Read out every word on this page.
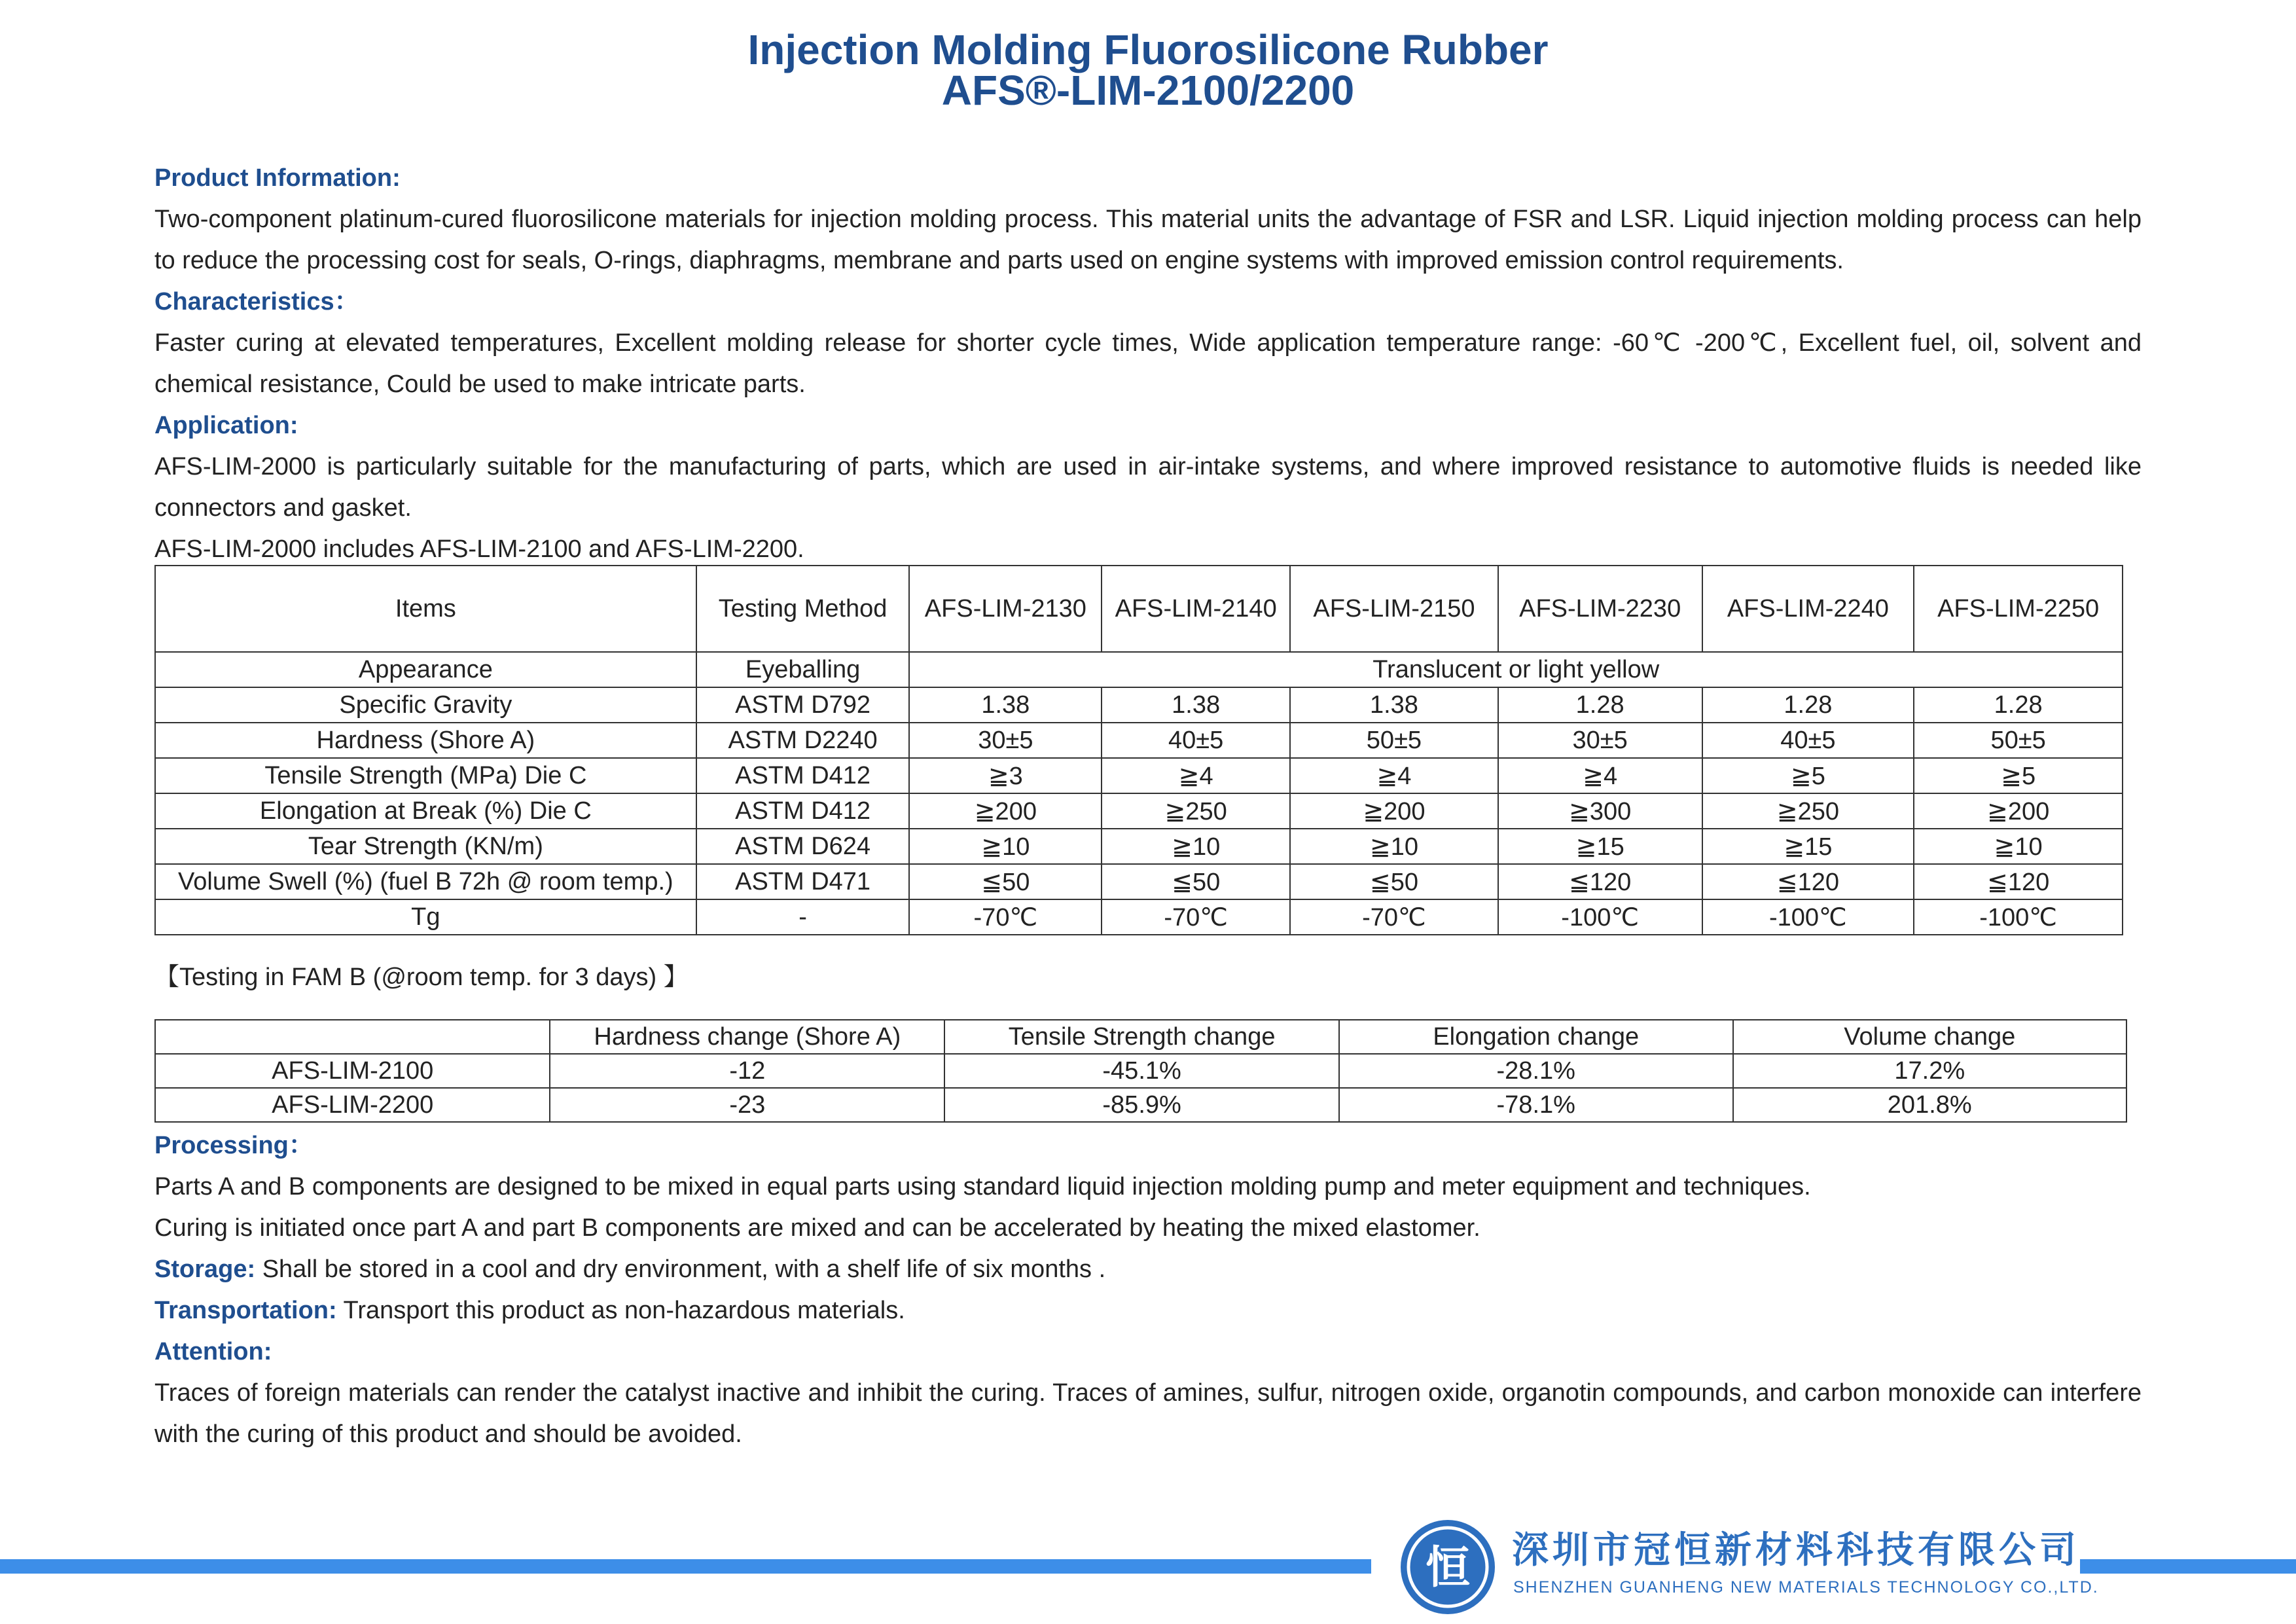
Injection Molding Fluorosilicone Rubber
AFS®-LIM-2100/2200
Product Information:
Two-component platinum-cured fluorosilicone materials for injection molding process. This material units the advantage of FSR and LSR. Liquid injection molding process can help to reduce the processing cost for seals, O-rings, diaphragms, membrane and parts used on engine systems with improved emission control requirements.
Characteristics：
Faster curing at elevated temperatures, Excellent molding release for shorter cycle times, Wide application temperature range: -60℃ -200℃, Excellent fuel, oil, solvent and chemical resistance, Could be used to make intricate parts.
Application:
AFS-LIM-2000 is particularly suitable for the manufacturing of parts, which are used in air-intake systems, and where improved resistance to automotive fluids is needed like connectors and gasket.
AFS-LIM-2000 includes AFS-LIM-2100 and AFS-LIM-2200.
Items	Testing Method	AFS-LIM-2130	AFS-LIM-2140	AFS-LIM-2150	AFS-LIM-2230	AFS-LIM-2240	AFS-LIM-2250
Appearance	Eyeballing	Translucent or light yellow					
Specific Gravity	ASTM D792	1.38	1.38	1.38	1.28	1.28	1.28
Hardness (Shore A)	ASTM D2240	30±5	40±5	50±5	30±5	40±5	50±5
Tensile Strength (MPa) Die C	ASTM D412	≧3	≧4	≧4	≧4	≧5	≧5
Elongation at Break (%) Die C	ASTM D412	≧200	≧250	≧200	≧300	≧250	≧200
Tear Strength (KN/m)	ASTM D624	≧10	≧10	≧10	≧15	≧15	≧10
Volume Swell (%) (fuel B 72h @ room temp.)	ASTM D471	≦50	≦50	≦50	≦120	≦120	≦120
Tg	-	-70℃	-70℃	-70℃	-100℃	-100℃	-100℃
【Testing in FAM B (@room temp. for 3 days) 】
	Hardness change (Shore A)	Tensile Strength change	Elongation change	Volume change
AFS-LIM-2100	-12	-45.1%	-28.1%	17.2%
AFS-LIM-2200	-23	-85.9%	-78.1%	201.8%
Processing：
Parts A and B components are designed to be mixed in equal parts using standard liquid injection molding pump and meter equipment and techniques.
Curing is initiated once part A and part B components are mixed and can be accelerated by heating the mixed elastomer.
Storage: Shall be stored in a cool and dry environment, with a shelf life of six months .
Transportation: Transport this product as non-hazardous materials.
Attention:
Traces of foreign materials can render the catalyst inactive and inhibit the curing. Traces of amines, sulfur, nitrogen oxide, organotin compounds, and carbon monoxide can interfere with the curing of this product and should be avoided.
恒 深圳市冠恒新材料科技有限公司
SHENZHEN GUANHENG NEW MATERIALS TECHNOLOGY CO.,LTD.
